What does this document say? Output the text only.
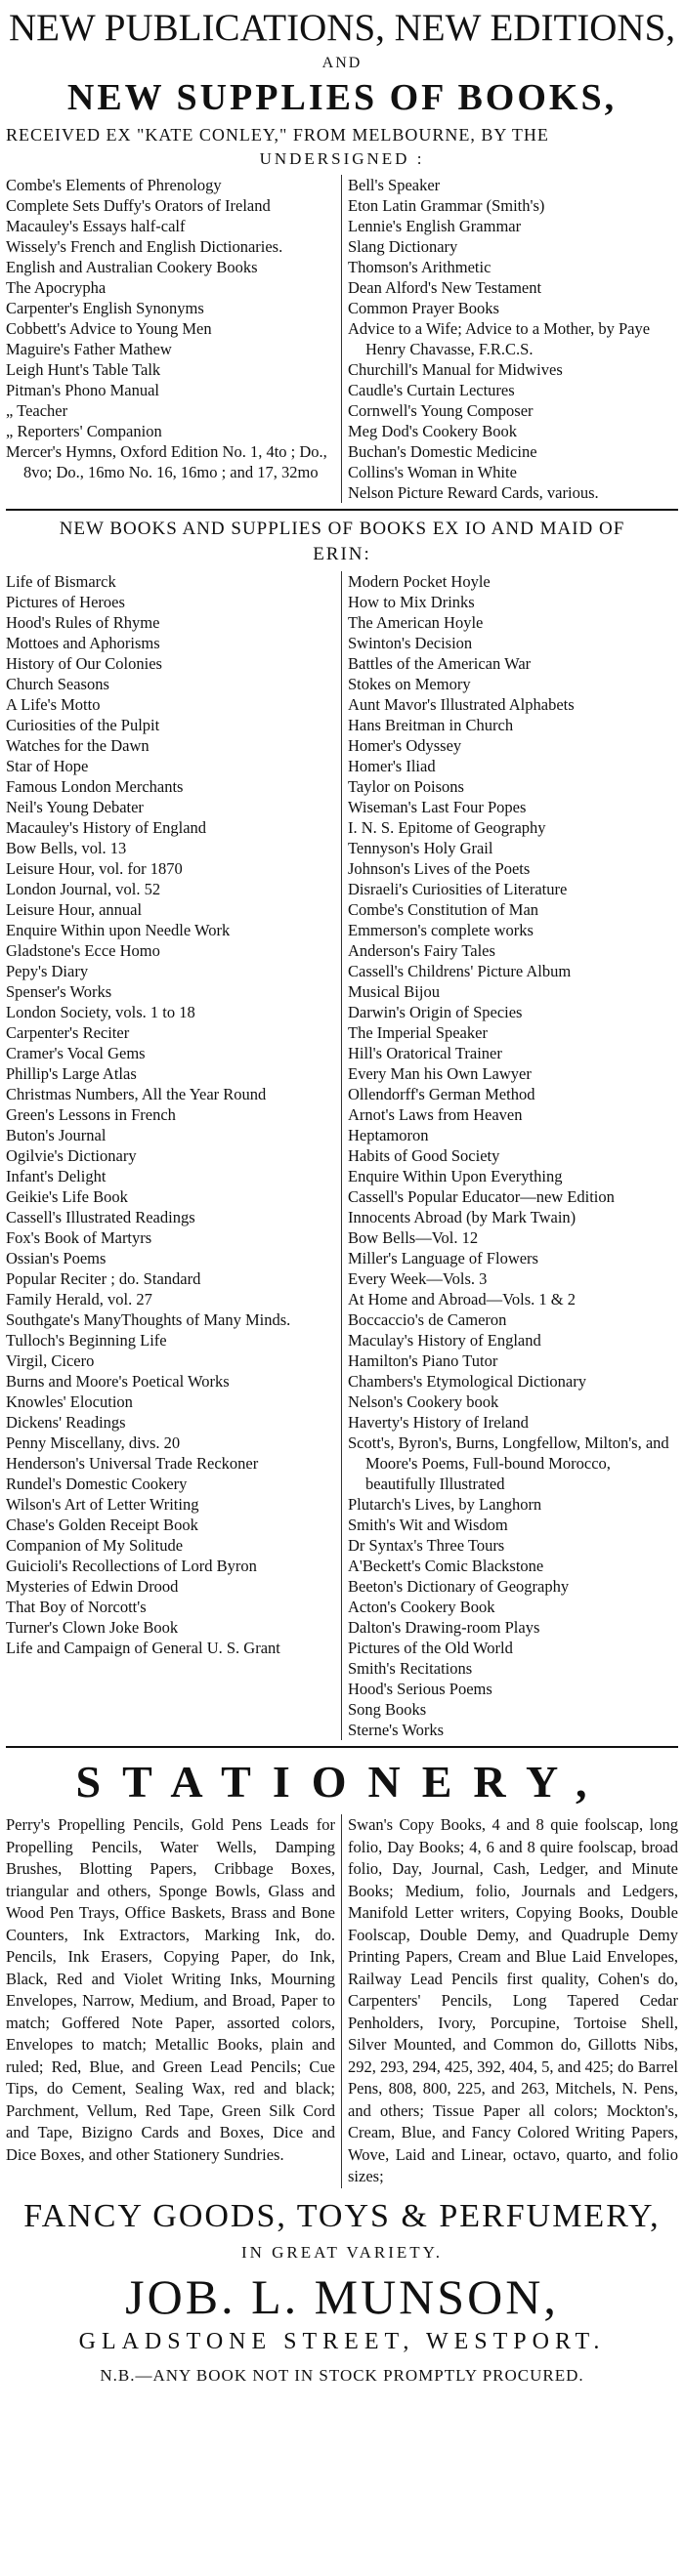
NEW PUBLICATIONS, NEW EDITIONS,
AND
NEW SUPPLIES OF BOOKS,
RECEIVED EX "KATE CONLEY," FROM MELBOURNE, BY THE
UNDERSIGNED :
Combe's Elements of Phrenology
Complete Sets Duffy's Orators of Ireland
Macauley's Essays half-calf
Wissely's French and English Dictionaries.
English and Australian Cookery Books
The Apocrypha
Carpenter's English Synonyms
Cobbett's Advice to Young Men
Maguire's Father Mathew
Leigh Hunt's Table Talk
Pitman's Phono Manual
„ Teacher
„ Reporters' Companion
Mercer's Hymns, Oxford Edition No. 1, 4to ; Do., 8vo; Do., 16mo No. 16, 16mo ; and 17, 32mo
Bell's Speaker
Eton Latin Grammar (Smith's)
Lennie's English Grammar
Slang Dictionary
Thomson's Arithmetic
Dean Alford's New Testament
Common Prayer Books
Advice to a Wife; Advice to a Mother, by Paye Henry Chavasse, F.R.C.S.
Churchill's Manual for Midwives
Caudle's Curtain Lectures
Cornwell's Young Composer
Meg Dod's Cookery Book
Buchan's Domestic Medicine
Collins's Woman in White
Nelson Picture Reward Cards, various.
NEW BOOKS AND SUPPLIES OF BOOKS EX IO AND MAID OF
ERIN:
Life of Bismarck
Pictures of Heroes
Hood's Rules of Rhyme
Mottoes and Aphorisms
History of Our Colonies
Church Seasons
A Life's Motto
Curiosities of the Pulpit
Watches for the Dawn
Star of Hope
Famous London Merchants
Neil's Young Debater
Macauley's History of England
Bow Bells, vol. 13
Leisure Hour, vol. for 1870
London Journal, vol. 52
Leisure Hour, annual
Enquire Within upon Needle Work
Gladstone's Ecce Homo
Pepy's Diary
Spenser's Works
London Society, vols. 1 to 18
Carpenter's Reciter
Cramer's Vocal Gems
Phillip's Large Atlas
Christmas Numbers, All the Year Round
Green's Lessons in French
Buton's Journal
Ogilvie's Dictionary
Infant's Delight
Geikie's Life Book
Cassell's Illustrated Readings
Fox's Book of Martyrs
Ossian's Poems
Popular Reciter ; do. Standard
Family Herald, vol. 27
Southgate's ManyThoughts of Many Minds.
Tulloch's Beginning Life
Virgil, Cicero
Burns and Moore's Poetical Works
Knowles' Elocution
Dickens' Readings
Penny Miscellany, divs. 20
Henderson's Universal Trade Reckoner
Rundel's Domestic Cookery
Wilson's Art of Letter Writing
Chase's Golden Receipt Book
Companion of My Solitude
Guicioli's Recollections of Lord Byron
Mysteries of Edwin Drood
That Boy of Norcott's
Turner's Clown Joke Book
Life and Campaign of General U. S. Grant
Modern Pocket Hoyle
How to Mix Drinks
The American Hoyle
Swinton's Decision
Battles of the American War
Stokes on Memory
Aunt Mavor's Illustrated Alphabets
Hans Breitman in Church
Homer's Odyssey
Homer's Iliad
Taylor on Poisons
Wiseman's Last Four Popes
I. N. S. Epitome of Geography
Tennyson's Holy Grail
Johnson's Lives of the Poets
Disraeli's Curiosities of Literature
Combe's Constitution of Man
Emmerson's complete works
Anderson's Fairy Tales
Cassell's Childrens' Picture Album
Musical Bijou
Darwin's Origin of Species
The Imperial Speaker
Hill's Oratorical Trainer
Every Man his Own Lawyer
Ollendorff's German Method
Arnot's Laws from Heaven
Heptamoron
Habits of Good Society
Enquire Within Upon Everything
Cassell's Popular Educator—new Edition
Innocents Abroad (by Mark Twain)
Bow Bells—Vol. 12
Miller's Language of Flowers
Every Week—Vols. 3
At Home and Abroad—Vols. 1 & 2
Boccaccio's de Cameron
Maculay's History of England
Hamilton's Piano Tutor
Chambers's Etymological Dictionary
Nelson's Cookery book
Haverty's History of Ireland
Scott's, Byron's, Burns, Longfellow, Milton's, and Moore's Poems, Full-bound Morocco, beautifully Illustrated
Plutarch's Lives, by Langhorn
Smith's Wit and Wisdom
Dr Syntax's Three Tours
A'Beckett's Comic Blackstone
Beeton's Dictionary of Geography
Acton's Cookery Book
Dalton's Drawing-room Plays
Pictures of the Old World
Smith's Recitations
Hood's Serious Poems
Song Books
Sterne's Works
STATIONERY,
Perry's Propelling Pencils, Gold Pens Leads for Propelling Pencils, Water Wells, Damping Brushes, Blotting Papers, Cribbage Boxes, triangular and others, Sponge Bowls, Glass and Wood Pen Trays, Office Baskets, Brass and Bone Counters, Ink Extractors, Marking Ink, do. Pencils, Ink Erasers, Copying Paper, do Ink, Black, Red and Violet Writing Inks, Mourning Envelopes, Narrow, Medium, and Broad, Paper to match; Goffered Note Paper, assorted colors, Envelopes to match; Metallic Books, plain and ruled; Red, Blue, and Green Lead Pencils; Cue Tips, do Cement, Sealing Wax, red and black; Parchment, Vellum, Red Tape, Green Silk Cord and Tape, Bizigno Cards and Boxes, Dice and Dice Boxes, and other Stationery Sundries.
Swan's Copy Books, 4 and 8 quie foolscap, long folio, Day Books; 4, 6 and 8 quire foolscap, broad folio, Day, Journal, Cash, Ledger, and Minute Books; Medium, folio, Journals and Ledgers, Manifold Letter writers, Copying Books, Double Foolscap, Double Demy, and Quadruple Demy Printing Papers, Cream and Blue Laid Envelopes, Railway Lead Pencils first quality, Cohen's do, Carpenters' Pencils, Long Tapered Cedar Penholders, Ivory, Porcupine, Tortoise Shell, Silver Mounted, and Common do, Gillotts Nibs, 292, 293, 294, 425, 392, 404, 5, and 425; do Barrel Pens, 808, 800, 225, and 263, Mitchels, N. Pens, and others; Tissue Paper all colors; Mockton's, Cream, Blue, and Fancy Colored Writing Papers, Wove, Laid and Linear, octavo, quarto, and folio sizes;
FANCY GOODS, TOYS & PERFUMERY,
IN GREAT VARIETY.
JOB. L. MUNSON,
GLADSTONE STREET, WESTPORT.
N.B.—ANY BOOK NOT IN STOCK PROMPTLY PROCURED.
